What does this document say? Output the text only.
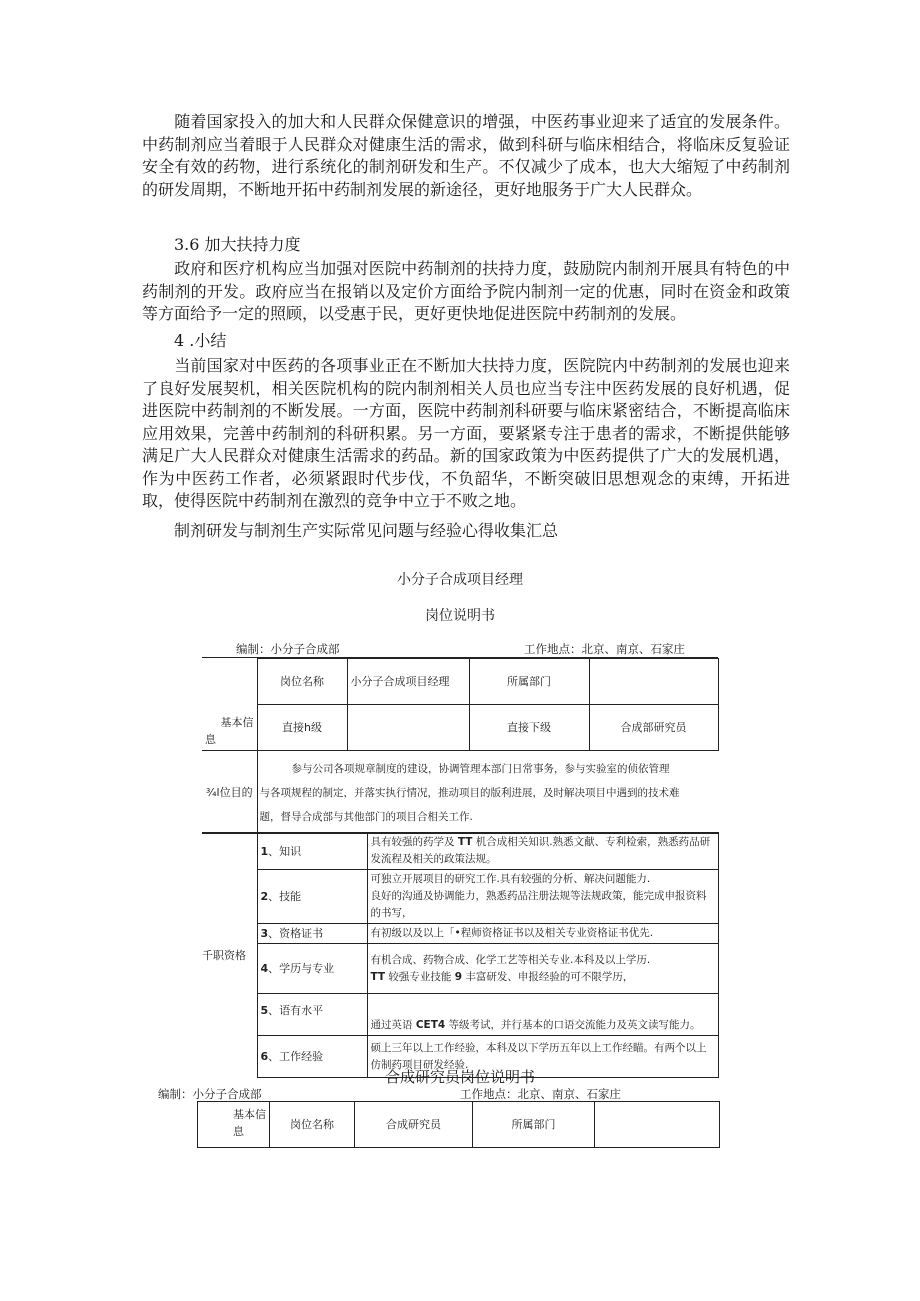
随着国家投入的加大和人民群众保健意识的增强，中医药事业迎来了适宜的发展条件。中药制剂应当着眼于人民群众对健康生活的需求，做到科研与临床相结合，将临床反复验证安全有效的药物，进行系统化的制剂研发和生产。不仅减少了成本，也大大缩短了中药制剂的研发周期，不断地开拓中药制剂发展的新途径，更好地服务于广大人民群众。

3.6 加大扶持力度

政府和医疗机构应当加强对医院中药制剂的扶持力度，鼓励院内制剂开展具有特色的中药制剂的开发。政府应当在报销以及定价方面给予院内制剂一定的优惠，同时在资金和政策等方面给予一定的照顾，以受惠于民，更好更快地促进医院中药制剂的发展。

4 .小结

当前国家对中医药的各项事业正在不断加大扶持力度，医院院内中药制剂的发展也迎来了良好发展契机，相关医院机构的院内制剂相关人员也应当专注中医药发展的良好机遇，促进医院中药制剂的不断发展。一方面，医院中药制剂科研要与临床紧密结合，不断提高临床应用效果，完善中药制剂的科研积累。另一方面，要紧紧专注于患者的需求，不断提供能够满足广大人民群众对健康生活需求的药品。新的国家政策为中医药提供了广大的发展机遇，作为中医药工作者，必须紧跟时代步伐，不负韶华，不断突破旧思想观念的束缚，开拓进取，使得医院中药制剂在激烈的竞争中立于不败之地。

制剂研发与制剂生产实际常见问题与经验心得收集汇总

小分子合成项目经理

岗位说明书

编制：小分子合成部	工作地点：北京、南京、石家庄
基本信
息	岗位名称	小分子合成项目经理	所属部门	
	直接h级		直接下级	合成部研究员
¾l位目的	参与公司各项规章制度的建设，协调管理本部门日常事务，参与实验室的侦依管理
与各项规程的制定，并落实执行情况，推动项目的版利进展，及时解决项目中遇到的技术难
题，督导合成部与其他部门的项目合相关工作.			
千职资格	1、知识	具有较强的药学及 TT 机合成相关知识.熟悉文献、专利检索，熟悉药品研发流程及相关的政策法规。
	2、技能	可独立开展项目的研究工作.具有较强的分析、解决问题能力.
良好的沟通及协调能力，熟悉药品注册法规等法规政策，能完成申报资料的书写，

	3、资格证书	有初级以及以上「•程师资格证书以及相关专业资格证书优先.
	4、学历与专业	有机合成、药物合成、化学工艺等相关专业.本科及以上学历.
TT 较强专业技能 9 丰富研发、申报经验的可不限学历，

	5、语有水平	通过英语 CET4 等级考试，并行基本的口语交流能力及英文读写能力。
	6、工作经验	硕上三年以上工作经验，本科及以下学历五年以上工作经瞄。有两个以上仿制药项目研发经验.

合成研究员岗位说明书

编制：小分子合成部	工作地点：北京、南京、石家庄
基本信
息
	岗位名称	合成研究员	所属部门	
